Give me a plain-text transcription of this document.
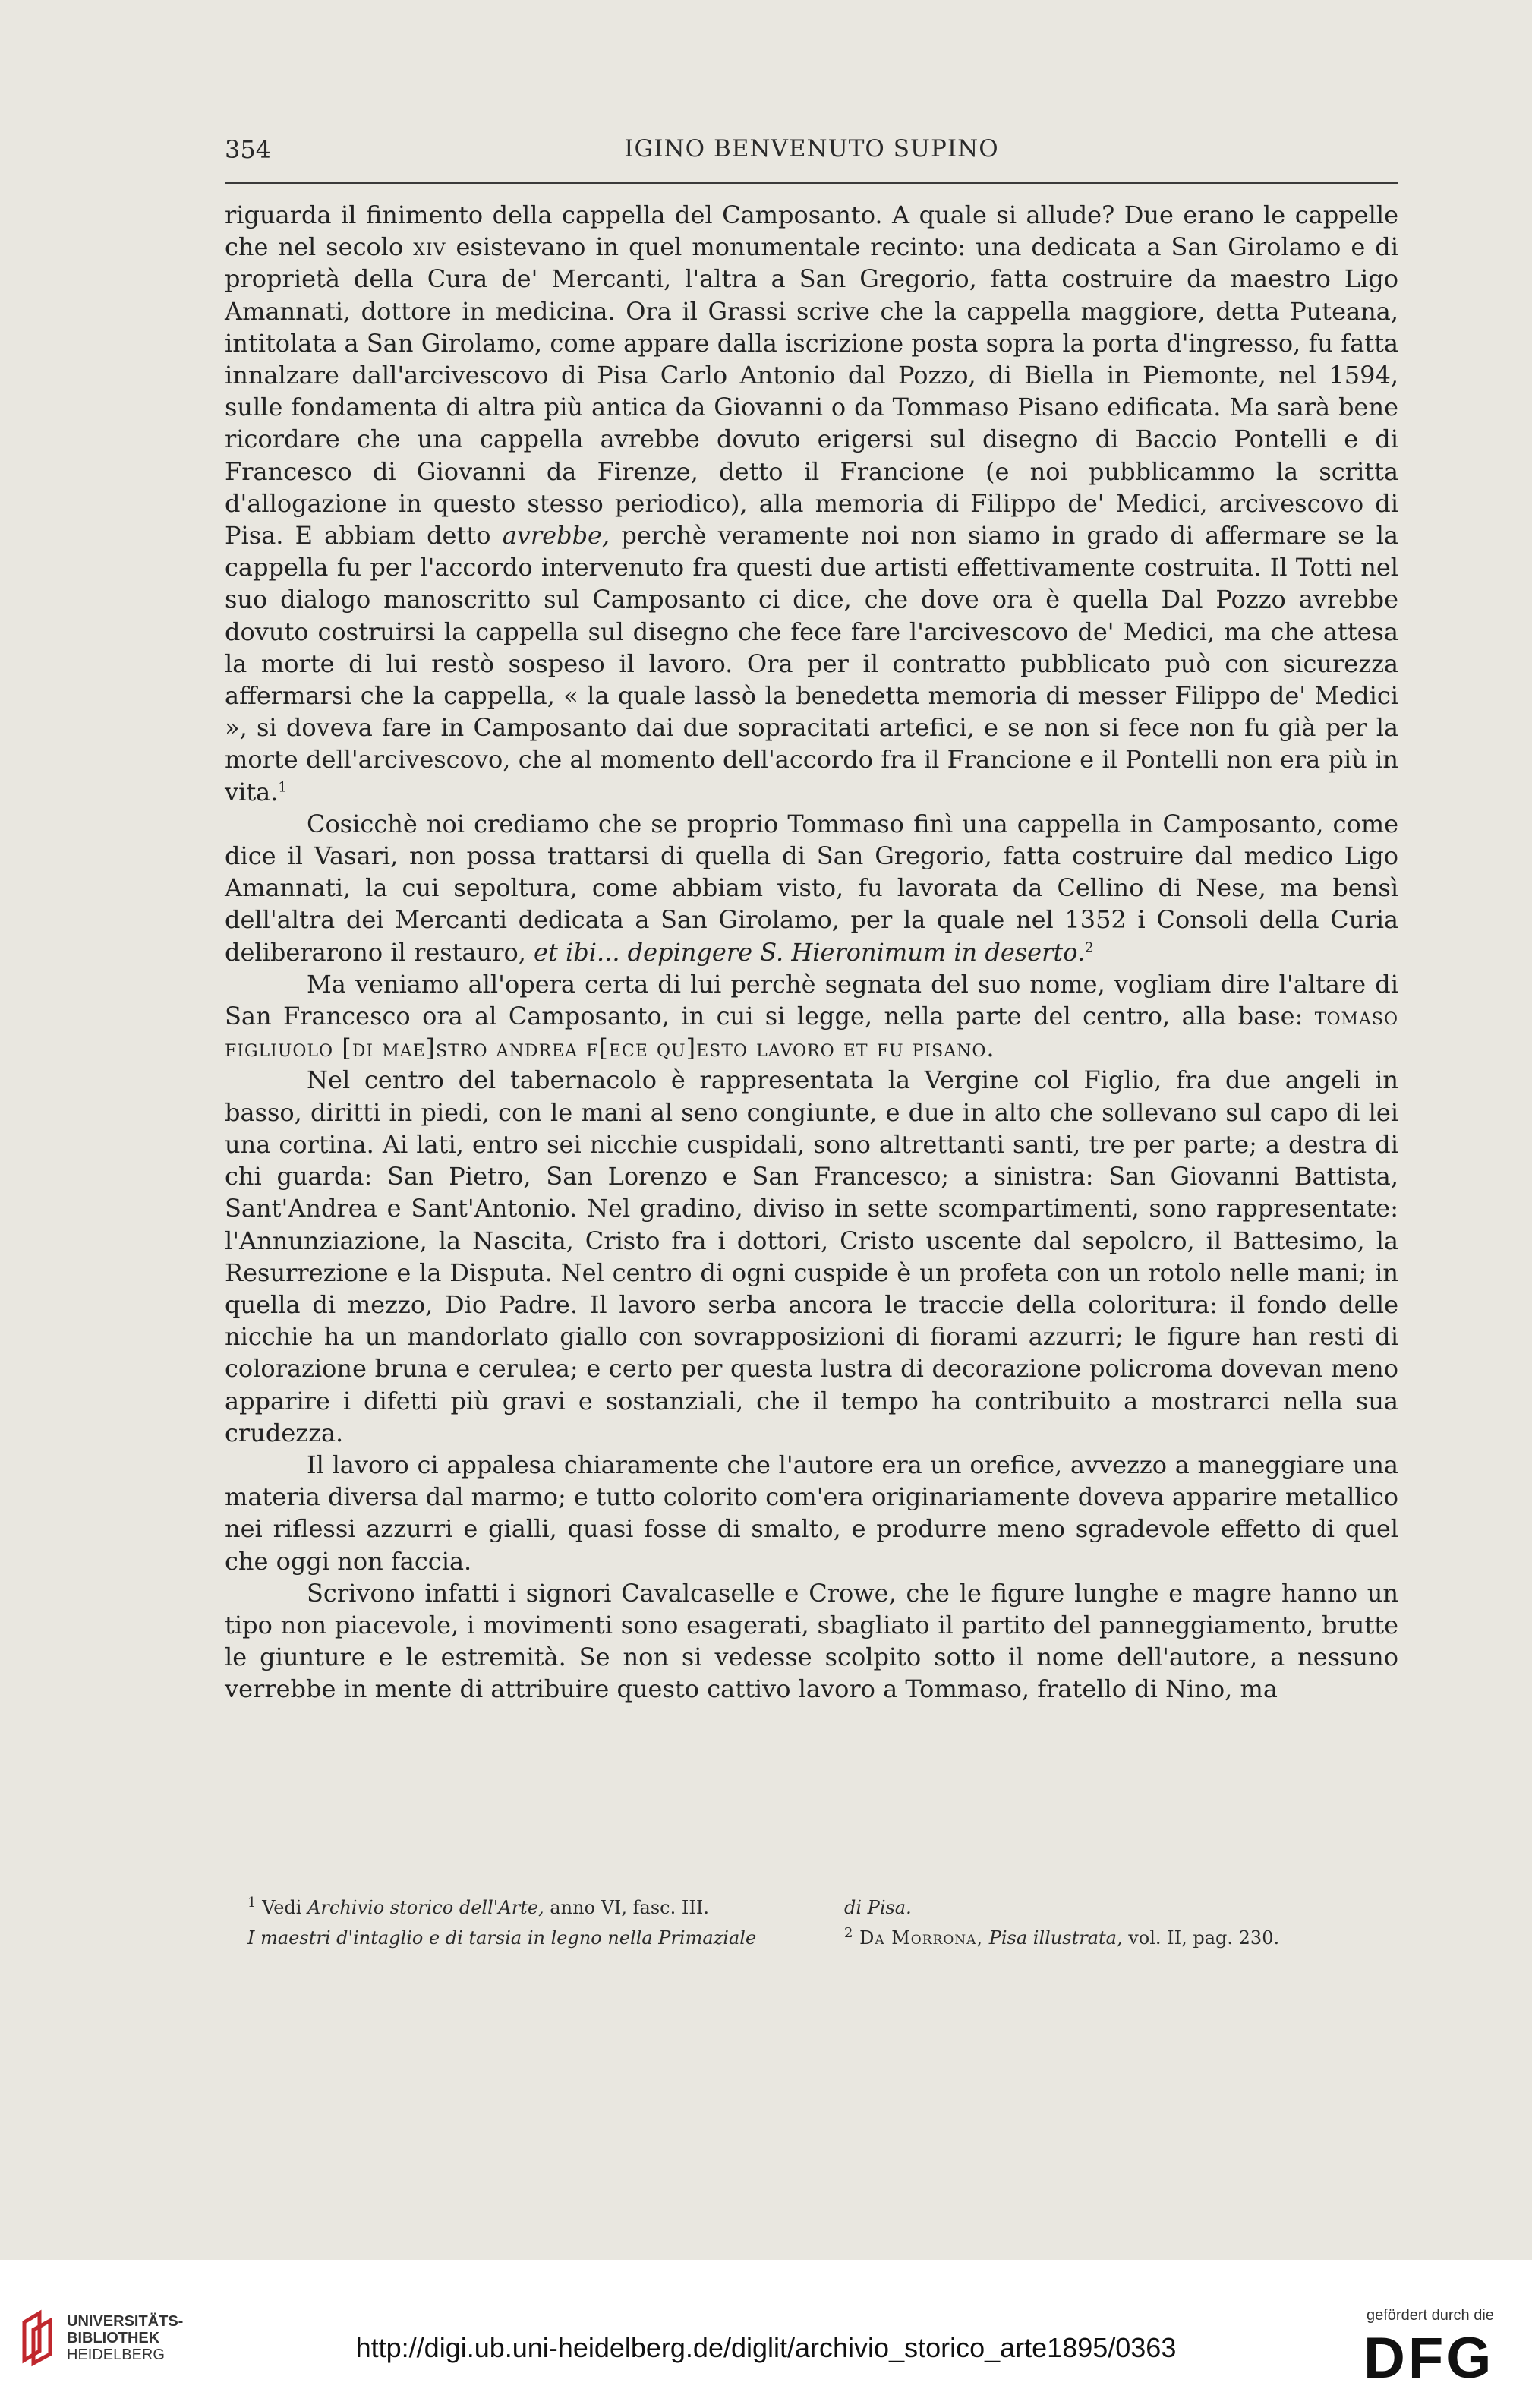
354	IGINO BENVENUTO SUPINO

riguarda il finimento della cappella del Camposanto. A quale si allude? Due erano le cappelle che nel secolo xiv esistevano in quel monumentale recinto: una dedicata a San Girolamo e di proprietà della Cura de' Mercanti, l'altra a San Gregorio, fatta costruire da maestro Ligo Amannati, dottore in medicina. Ora il Grassi scrive che la cappella maggiore, detta Puteana, intitolata a San Girolamo, come appare dalla iscrizione posta sopra la porta d'ingresso, fu fatta innalzare dall'arcivescovo di Pisa Carlo Antonio dal Pozzo, di Biella in Piemonte, nel 1594, sulle fondamenta di altra più antica da Giovanni o da Tommaso Pisano edificata. Ma sarà bene ricordare che una cappella avrebbe dovuto erigersi sul disegno di Baccio Pontelli e di Francesco di Giovanni da Firenze, detto il Francione (e noi pubblicammo la scritta d'allogazione in questo stesso periodico), alla memoria di Filippo de' Medici, arcivescovo di Pisa. E abbiam detto avrebbe, perchè veramente noi non siamo in grado di affermare se la cappella fu per l'accordo intervenuto fra questi due artisti effettivamente costruita. Il Totti nel suo dialogo manoscritto sul Camposanto ci dice, che dove ora è quella Dal Pozzo avrebbe dovuto costruirsi la cappella sul disegno che fece fare l'arcivescovo de' Medici, ma che attesa la morte di lui restò sospeso il lavoro. Ora per il contratto pubblicato può con sicurezza affermarsi che la cappella, « la quale lassò la benedetta memoria di messer Filippo de' Medici », si doveva fare in Camposanto dai due sopracitati artefici, e se non si fece non fu già per la morte dell'arcivescovo, che al momento dell'accordo fra il Francione e il Pontelli non era più in vita.$^1$

Cosicchè noi crediamo che se proprio Tommaso finì una cappella in Camposanto, come dice il Vasari, non possa trattarsi di quella di San Gregorio, fatta costruire dal medico Ligo Amannati, la cui sepoltura, come abbiam visto, fu lavorata da Cellino di Nese, ma bensì dell'altra dei Mercanti dedicata a San Girolamo, per la quale nel 1352 i Consoli della Curia deliberarono il restauro, et ibi... depingere S. Hieronimum in deserto.$^2$

Ma veniamo all'opera certa di lui perchè segnata del suo nome, vogliam dire l'altare di San Francesco ora al Camposanto, in cui si legge, nella parte del centro, alla base: tomaso figliuolo [di mae]stro andrea f[ece qu]esto lavoro et fu pisano.

Nel centro del tabernacolo è rappresentata la Vergine col Figlio, fra due angeli in basso, diritti in piedi, con le mani al seno congiunte, e due in alto che sollevano sul capo di lei una cortina. Ai lati, entro sei nicchie cuspidali, sono altrettanti santi, tre per parte; a destra di chi guarda: San Pietro, San Lorenzo e San Francesco; a sinistra: San Giovanni Battista, Sant'Andrea e Sant'Antonio. Nel gradino, diviso in sette scompartimenti, sono rappresentate: l'Annunziazione, la Nascita, Cristo fra i dottori, Cristo uscente dal sepolcro, il Battesimo, la Resurrezione e la Disputa. Nel centro di ogni cuspide è un profeta con un rotolo nelle mani; in quella di mezzo, Dio Padre. Il lavoro serba ancora le traccie della coloritura: il fondo delle nicchie ha un mandorlato giallo con sovrapposizioni di fiorami azzurri; le figure han resti di colorazione bruna e cerulea; e certo per questa lustra di decorazione policroma dovevan meno apparire i difetti più gravi e sostanziali, che il tempo ha contribuito a mostrarci nella sua crudezza.

Il lavoro ci appalesa chiaramente che l'autore era un orefice, avvezzo a maneggiare una materia diversa dal marmo; e tutto colorito com'era originariamente doveva apparire metallico nei riflessi azzurri e gialli, quasi fosse di smalto, e produrre meno sgradevole effetto di quel che oggi non faccia.

Scrivono infatti i signori Cavalcaselle e Crowe, che le figure lunghe e magre hanno un tipo non piacevole, i movimenti sono esagerati, sbagliato il partito del panneggiamento, brutte le giunture e le estremità. Se non si vedesse scolpito sotto il nome dell'autore, a nessuno verrebbe in mente di attribuire questo cattivo lavoro a Tommaso, fratello di Nino, ma

$^1$ Vedi Archivio storico dell'Arte, anno VI, fasc. III.
I maestri d'intaglio e di tarsia in legno nella Primaziale
di Pisa.
$^2$ Da Morrona, Pisa illustrata, vol. II, pag. 230.
UNIVERSITÄTS-
BIBLIOTHEK
HEIDELBERG	http://digi.ub.uni-heidelberg.de/diglit/archivio_storico_arte1895/0363
gefördert durch die
DFG
